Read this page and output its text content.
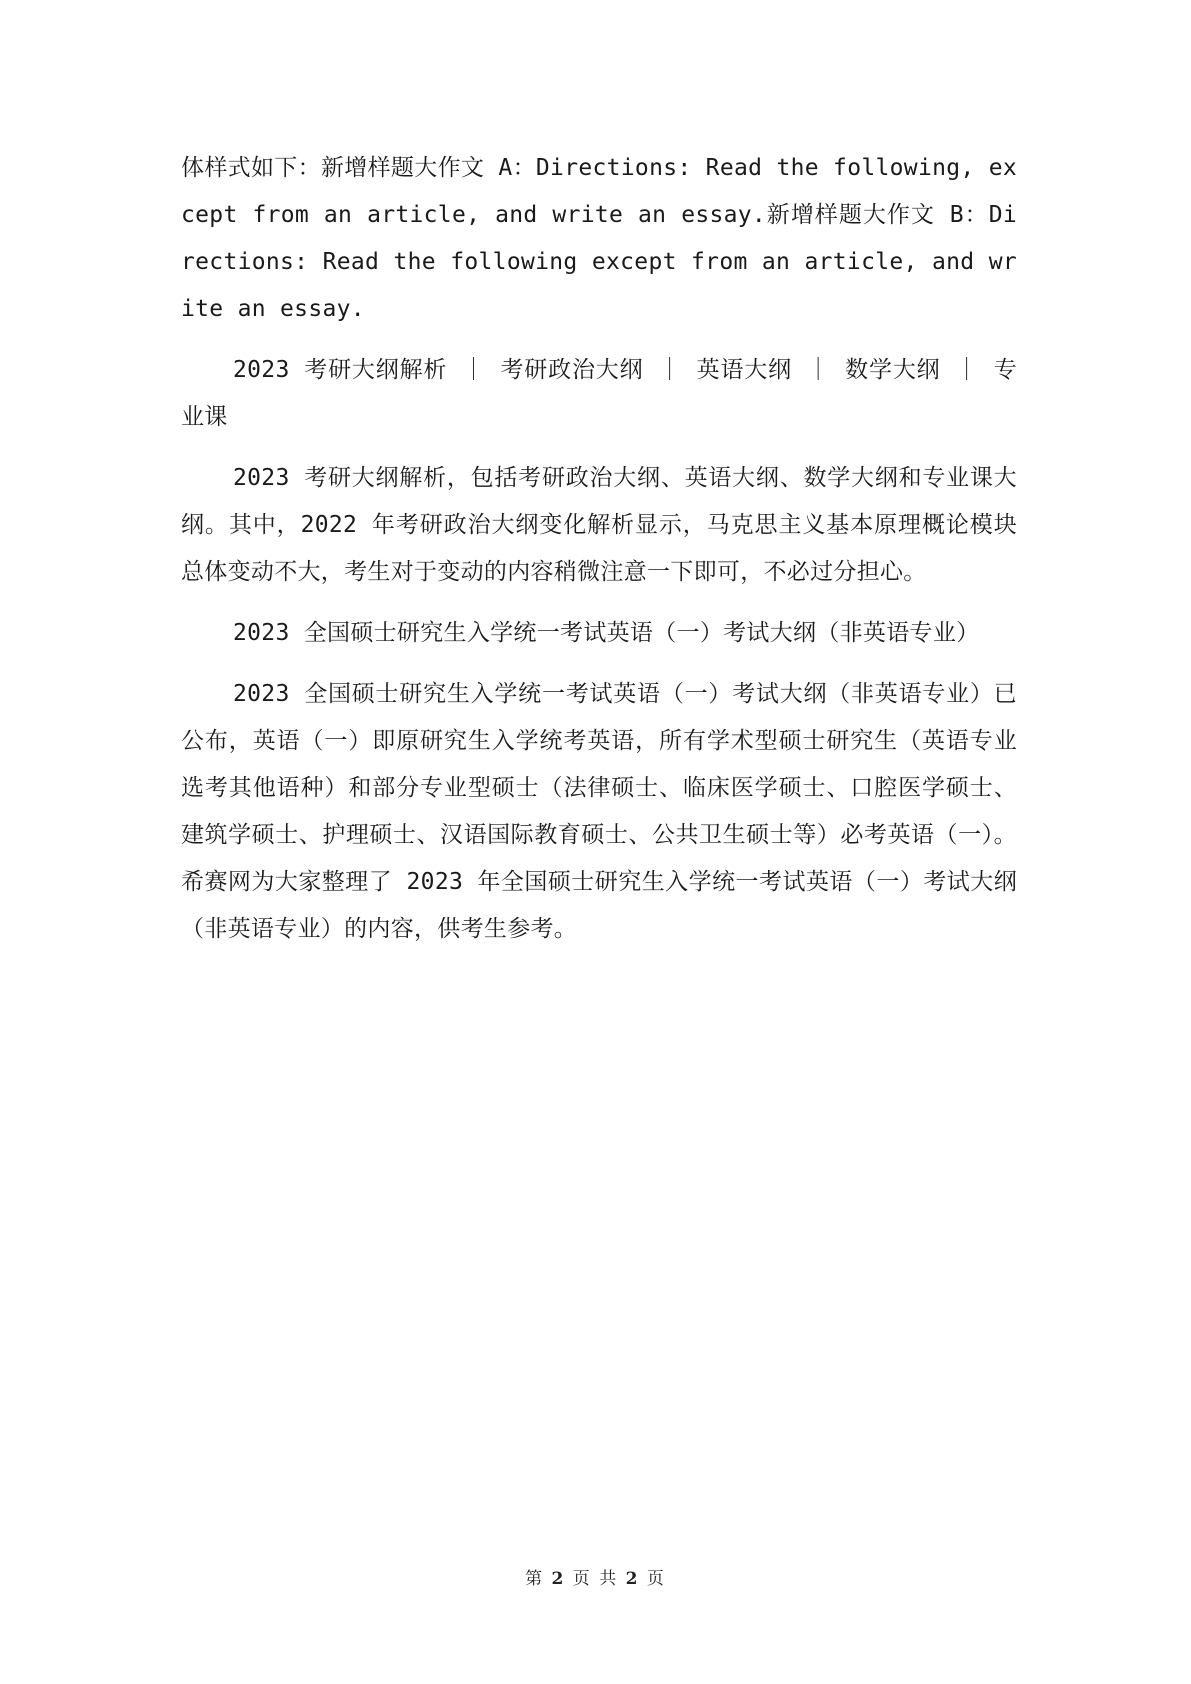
体样式如下：新增样题大作文 A：Directions: Read the following, except from an article, and write an essay.新增样题大作文 B：Directions: Read the following except from an article, and write an essay.

2023 考研大纲解析 ｜ 考研政治大纲 ｜ 英语大纲 ｜ 数学大纲 ｜ 专业课

2023 考研大纲解析，包括考研政治大纲、英语大纲、数学大纲和专业课大纲。其中，2022 年考研政治大纲变化解析显示，马克思主义基本原理概论模块总体变动不大，考生对于变动的内容稍微注意一下即可，不必过分担心。

2023 全国硕士研究生入学统一考试英语（一）考试大纲（非英语专业）

2023 全国硕士研究生入学统一考试英语（一）考试大纲（非英语专业）已公布，英语（一）即原研究生入学统考英语，所有学术型硕士研究生（英语专业选考其他语种）和部分专业型硕士（法律硕士、临床医学硕士、口腔医学硕士、建筑学硕士、护理硕士、汉语国际教育硕士、公共卫生硕士等）必考英语（一）。希赛网为大家整理了 2023 年全国硕士研究生入学统一考试英语（一）考试大纲（非英语专业）的内容，供考生参考。

第 2 页 共 2 页
